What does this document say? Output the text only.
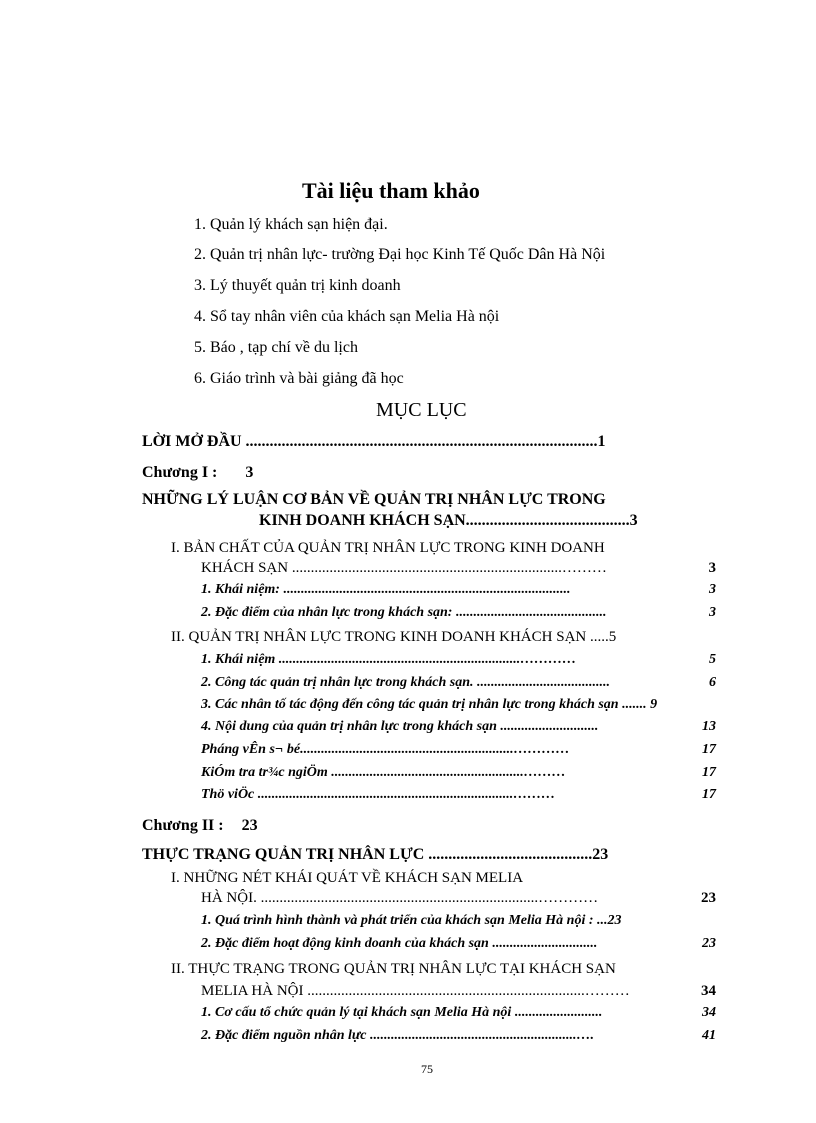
Tài liệu tham khảo
1. Quản lý khách sạn hiện đại.
2. Quản trị nhân lực- trường Đại học Kinh Tế Quốc Dân Hà Nội
3. Lý thuyết quản trị kinh doanh
4. Sổ tay nhân viên của khách sạn Melia Hà nội
5. Báo , tạp chí về du lịch
6. Giáo trình và bài giảng đã học
MỤC LỤC
LỜI MỞ ĐẦU ........................................................................................1
Chương I : 3
NHỮNG LÝ LUẬN CƠ BẢN VỀ QUẢN TRỊ NHÂN LỰC TRONG
KINH DOANH KHÁCH SẠN.........................................3
I. BẢN CHẤT CỦA QUẢN TRỊ NHÂN LỰC TRONG KINH DOANH
KHÁCH SẠN ........................................................................………	3
1. Khái niệm: ..................................................................................	3
2. Đặc điểm của nhân lực trong khách sạn: ...........................................	3
II. QUẢN TRỊ NHÂN LỰC TRONG KINH DOANH KHÁCH SẠN .....5
1. Khái niệm .....................................................................…………	5
2. Công tác quản trị nhân lực trong khách sạn. ......................................	6
3. Các nhân tố tác động đến công tác quản trị nhân lực trong khách sạn ....... 9
4. Nội dung của quản trị nhân lực trong khách sạn ............................	13
Pháng vÊn s¬ bé.............................................................…………	17
KiÓm tra tr¾c ngiÖm .......................................................………	17
Thö viÖc .........................................................................………	17
Chương II : 23
THỰC TRẠNG QUẢN TRỊ NHÂN LỰC .........................................23
I. NHỮNG NÉT KHÁI QUÁT VỀ KHÁCH SẠN MELIA
HÀ NỘI. ..........................................................................…………	23
1. Quá trình hình thành và phát triển của khách sạn Melia Hà nội : ...23
2. Đặc điểm hoạt động kinh doanh của khách sạn ..............................	23
II. THỰC TRẠNG TRONG QUẢN TRỊ NHÂN LỰC TẠI KHÁCH SẠN
MELIA HÀ NỘI ..........................................................................………	34
1. Cơ cấu tổ chức quản lý tại khách sạn Melia Hà nội .........................	34
2. Đặc điểm nguồn nhân lực ...........................................................….	41
75
